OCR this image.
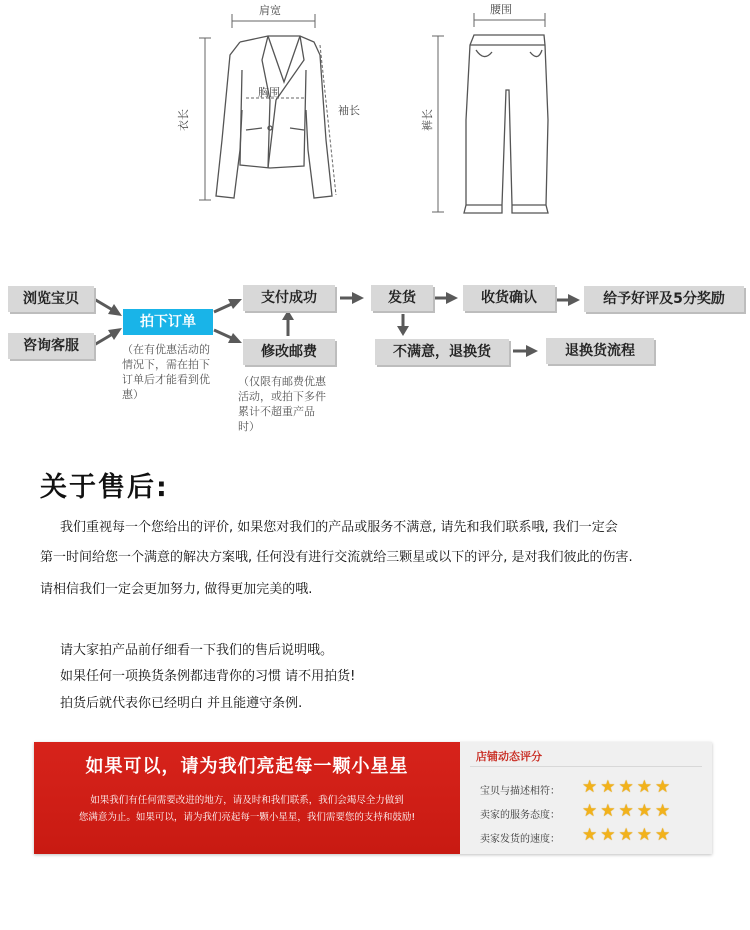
肩宽
胸围
衣长	袖长
腰围
裤长
浏览宝贝
咨询客服
拍下订单
（在有优惠活动的
情况下，需在拍下
订单后才能看到优
惠）
支付成功
修改邮费
（仅限有邮费优惠
活动，或拍下多件
累计不超重产品
时）
发货	收货确认	给予好评及5分奖励
不满意，退换货	退换货流程
关于售后:
我们重视每一个您给出的评价, 如果您对我们的产品或服务不满意, 请先和我们联系哦, 我们一定会
第一时间给您一个满意的解决方案哦, 任何没有进行交流就给三颗星或以下的评分, 是对我们彼此的伤害.
请相信我们一定会更加努力, 做得更加完美的哦.
请大家拍产品前仔细看一下我们的售后说明哦。
如果任何一项换货条例都违背你的习惯 请不用拍货!
拍货后就代表你已经明白 并且能遵守条例.
如果可以，请为我们亮起每一颗小星星
如果我们有任何需要改进的地方，请及时和我们联系，我们会竭尽全力做到
您满意为止。如果可以，请为我们亮起每一颗小星星，我们需要您的支持和鼓励!
店铺动态评分
宝贝与描述相符： ★★★★★
卖家的服务态度： ★★★★★
卖家发货的速度： ★★★★★
